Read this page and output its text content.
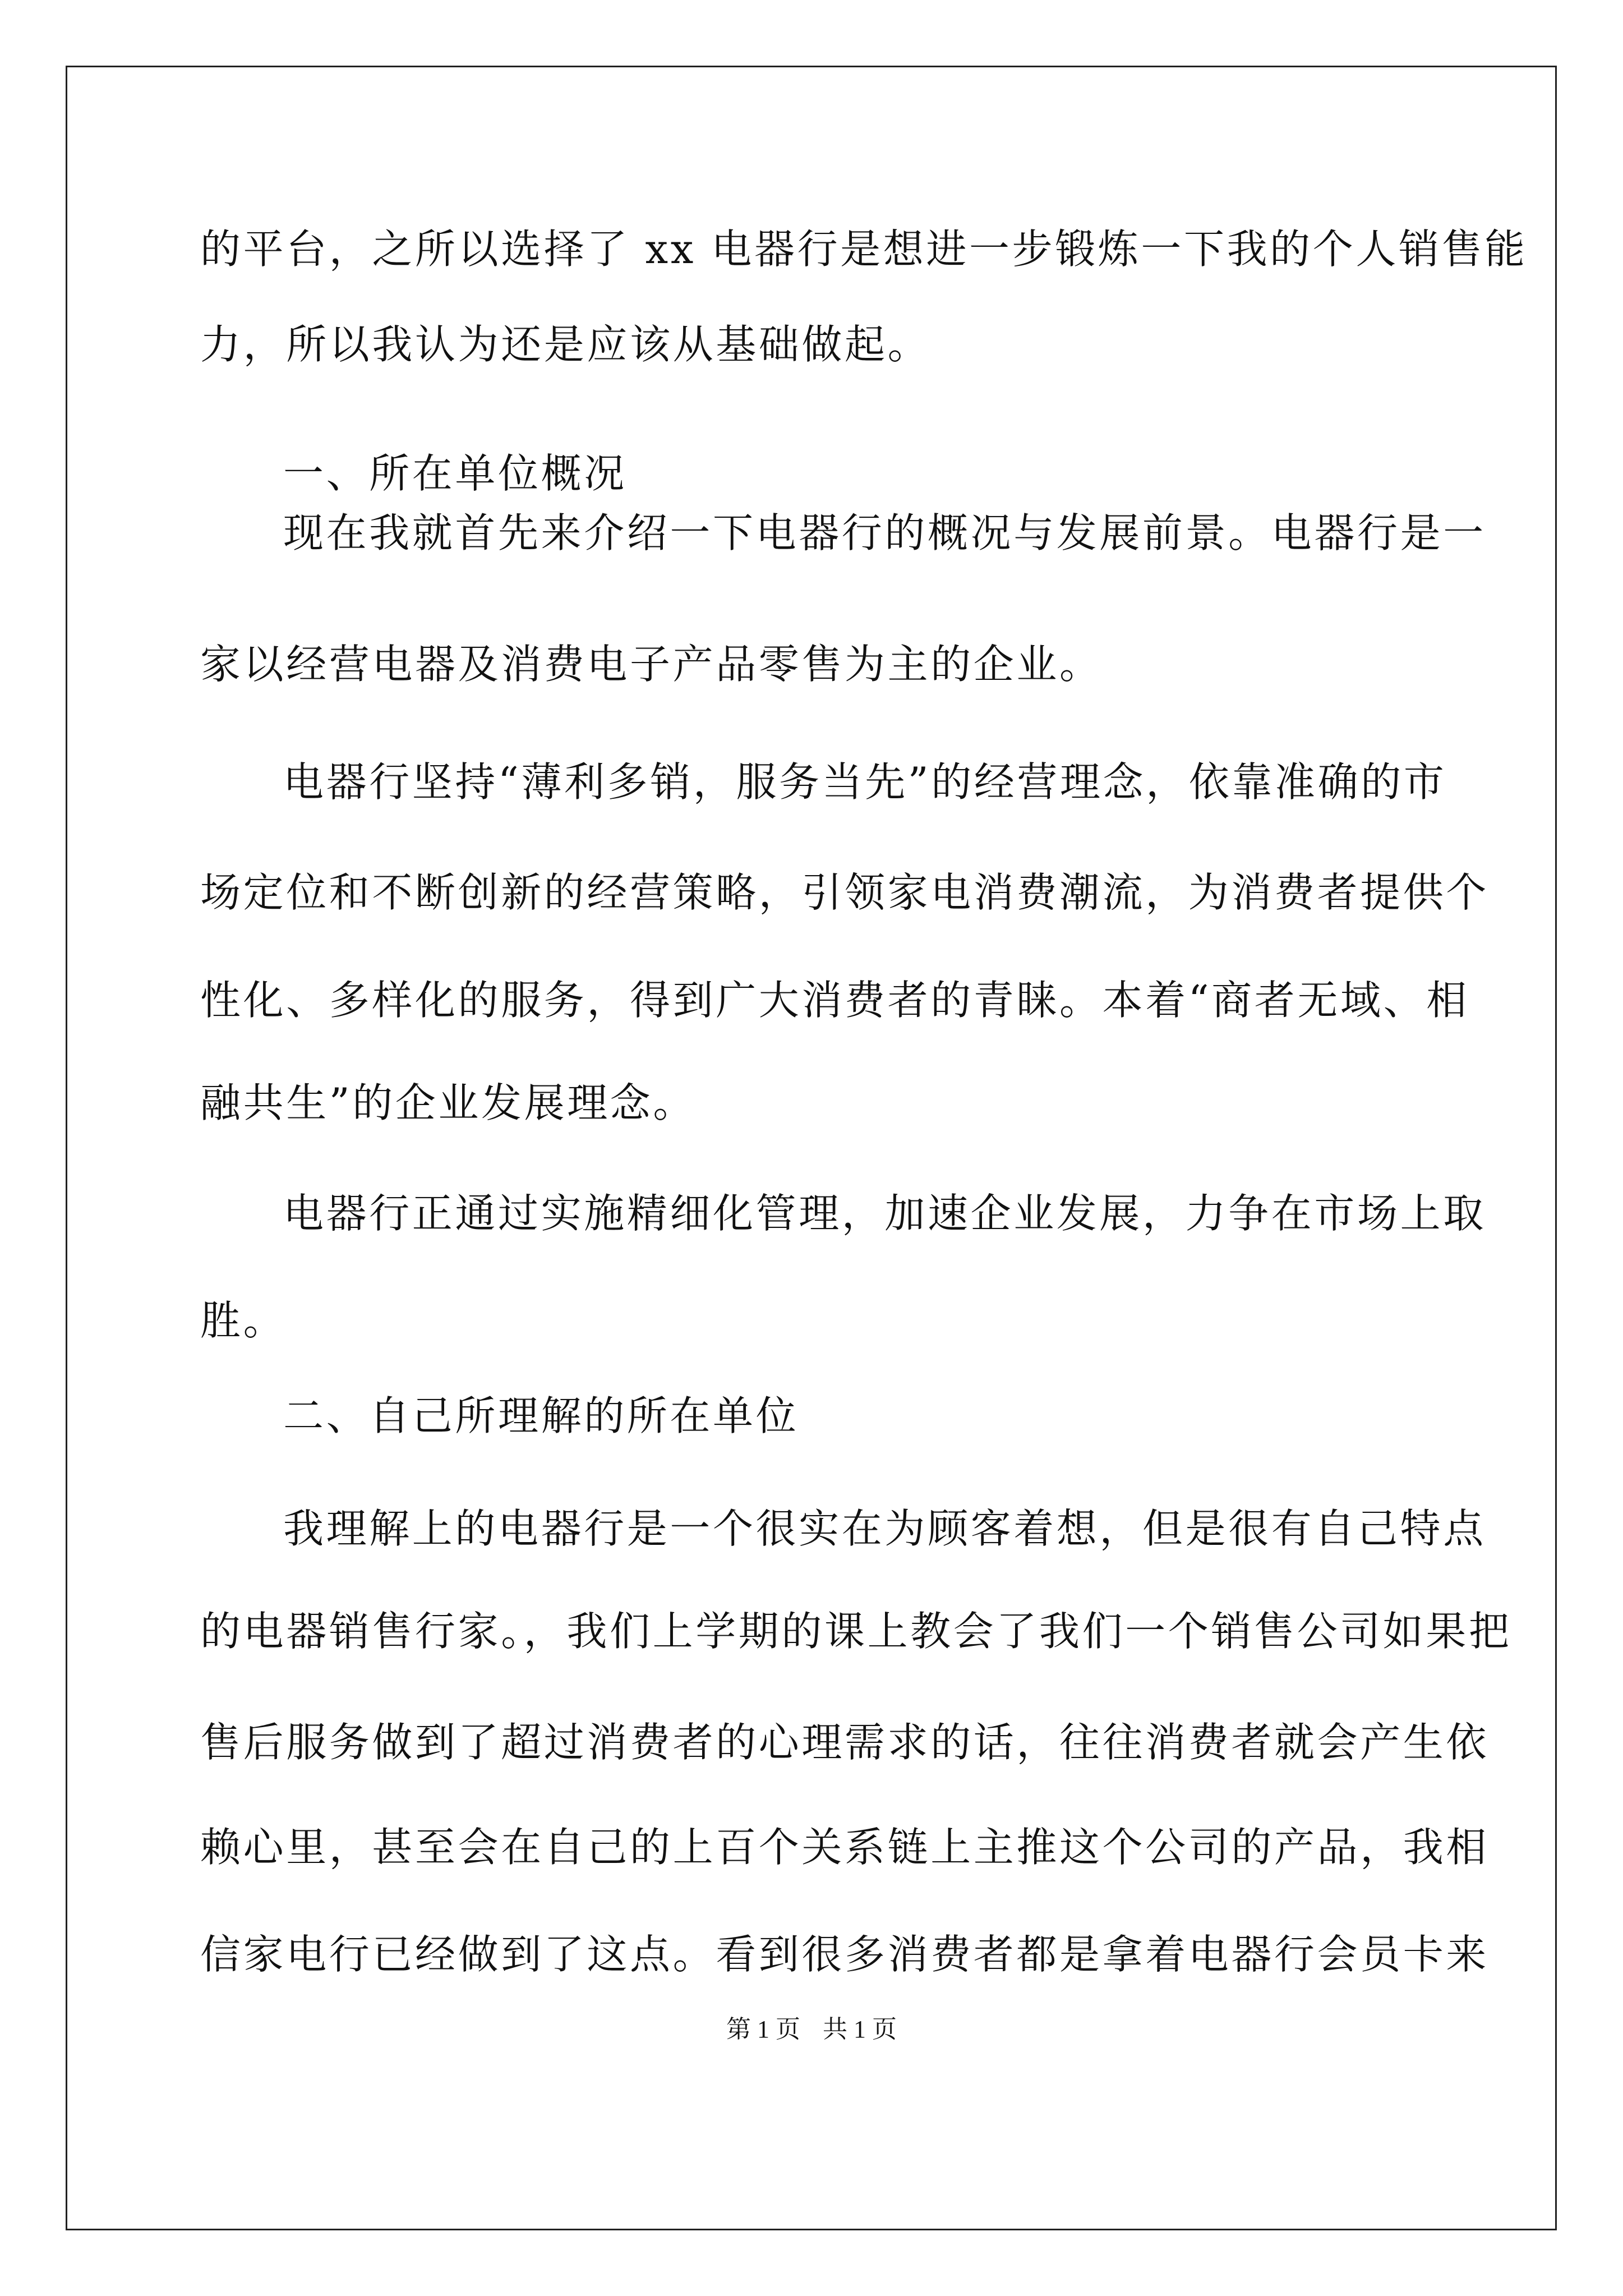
的平台，之所以选择了 xx 电器行是想进一步锻炼一下我的个人销售能
力，所以我认为还是应该从基础做起。
一、所在单位概况
现在我就首先来介绍一下电器行的概况与发展前景。电器行是一
家以经营电器及消费电子产品零售为主的企业。
电器行坚持“薄利多销，服务当先”的经营理念，依靠准确的市
场定位和不断创新的经营策略，引领家电消费潮流，为消费者提供个
性化、多样化的服务，得到广大消费者的青睐。本着“商者无域、相
融共生”的企业发展理念。
电器行正通过实施精细化管理，加速企业发展，力争在市场上取
胜。
二、自己所理解的所在单位
我理解上的电器行是一个很实在为顾客着想，但是很有自己特点
的电器销售行家。，我们上学期的课上教会了我们一个销售公司如果把
售后服务做到了超过消费者的心理需求的话，往往消费者就会产生依
赖心里，甚至会在自己的上百个关系链上主推这个公司的产品，我相
信家电行已经做到了这点。看到很多消费者都是拿着电器行会员卡来
第 1 页 共 1 页
